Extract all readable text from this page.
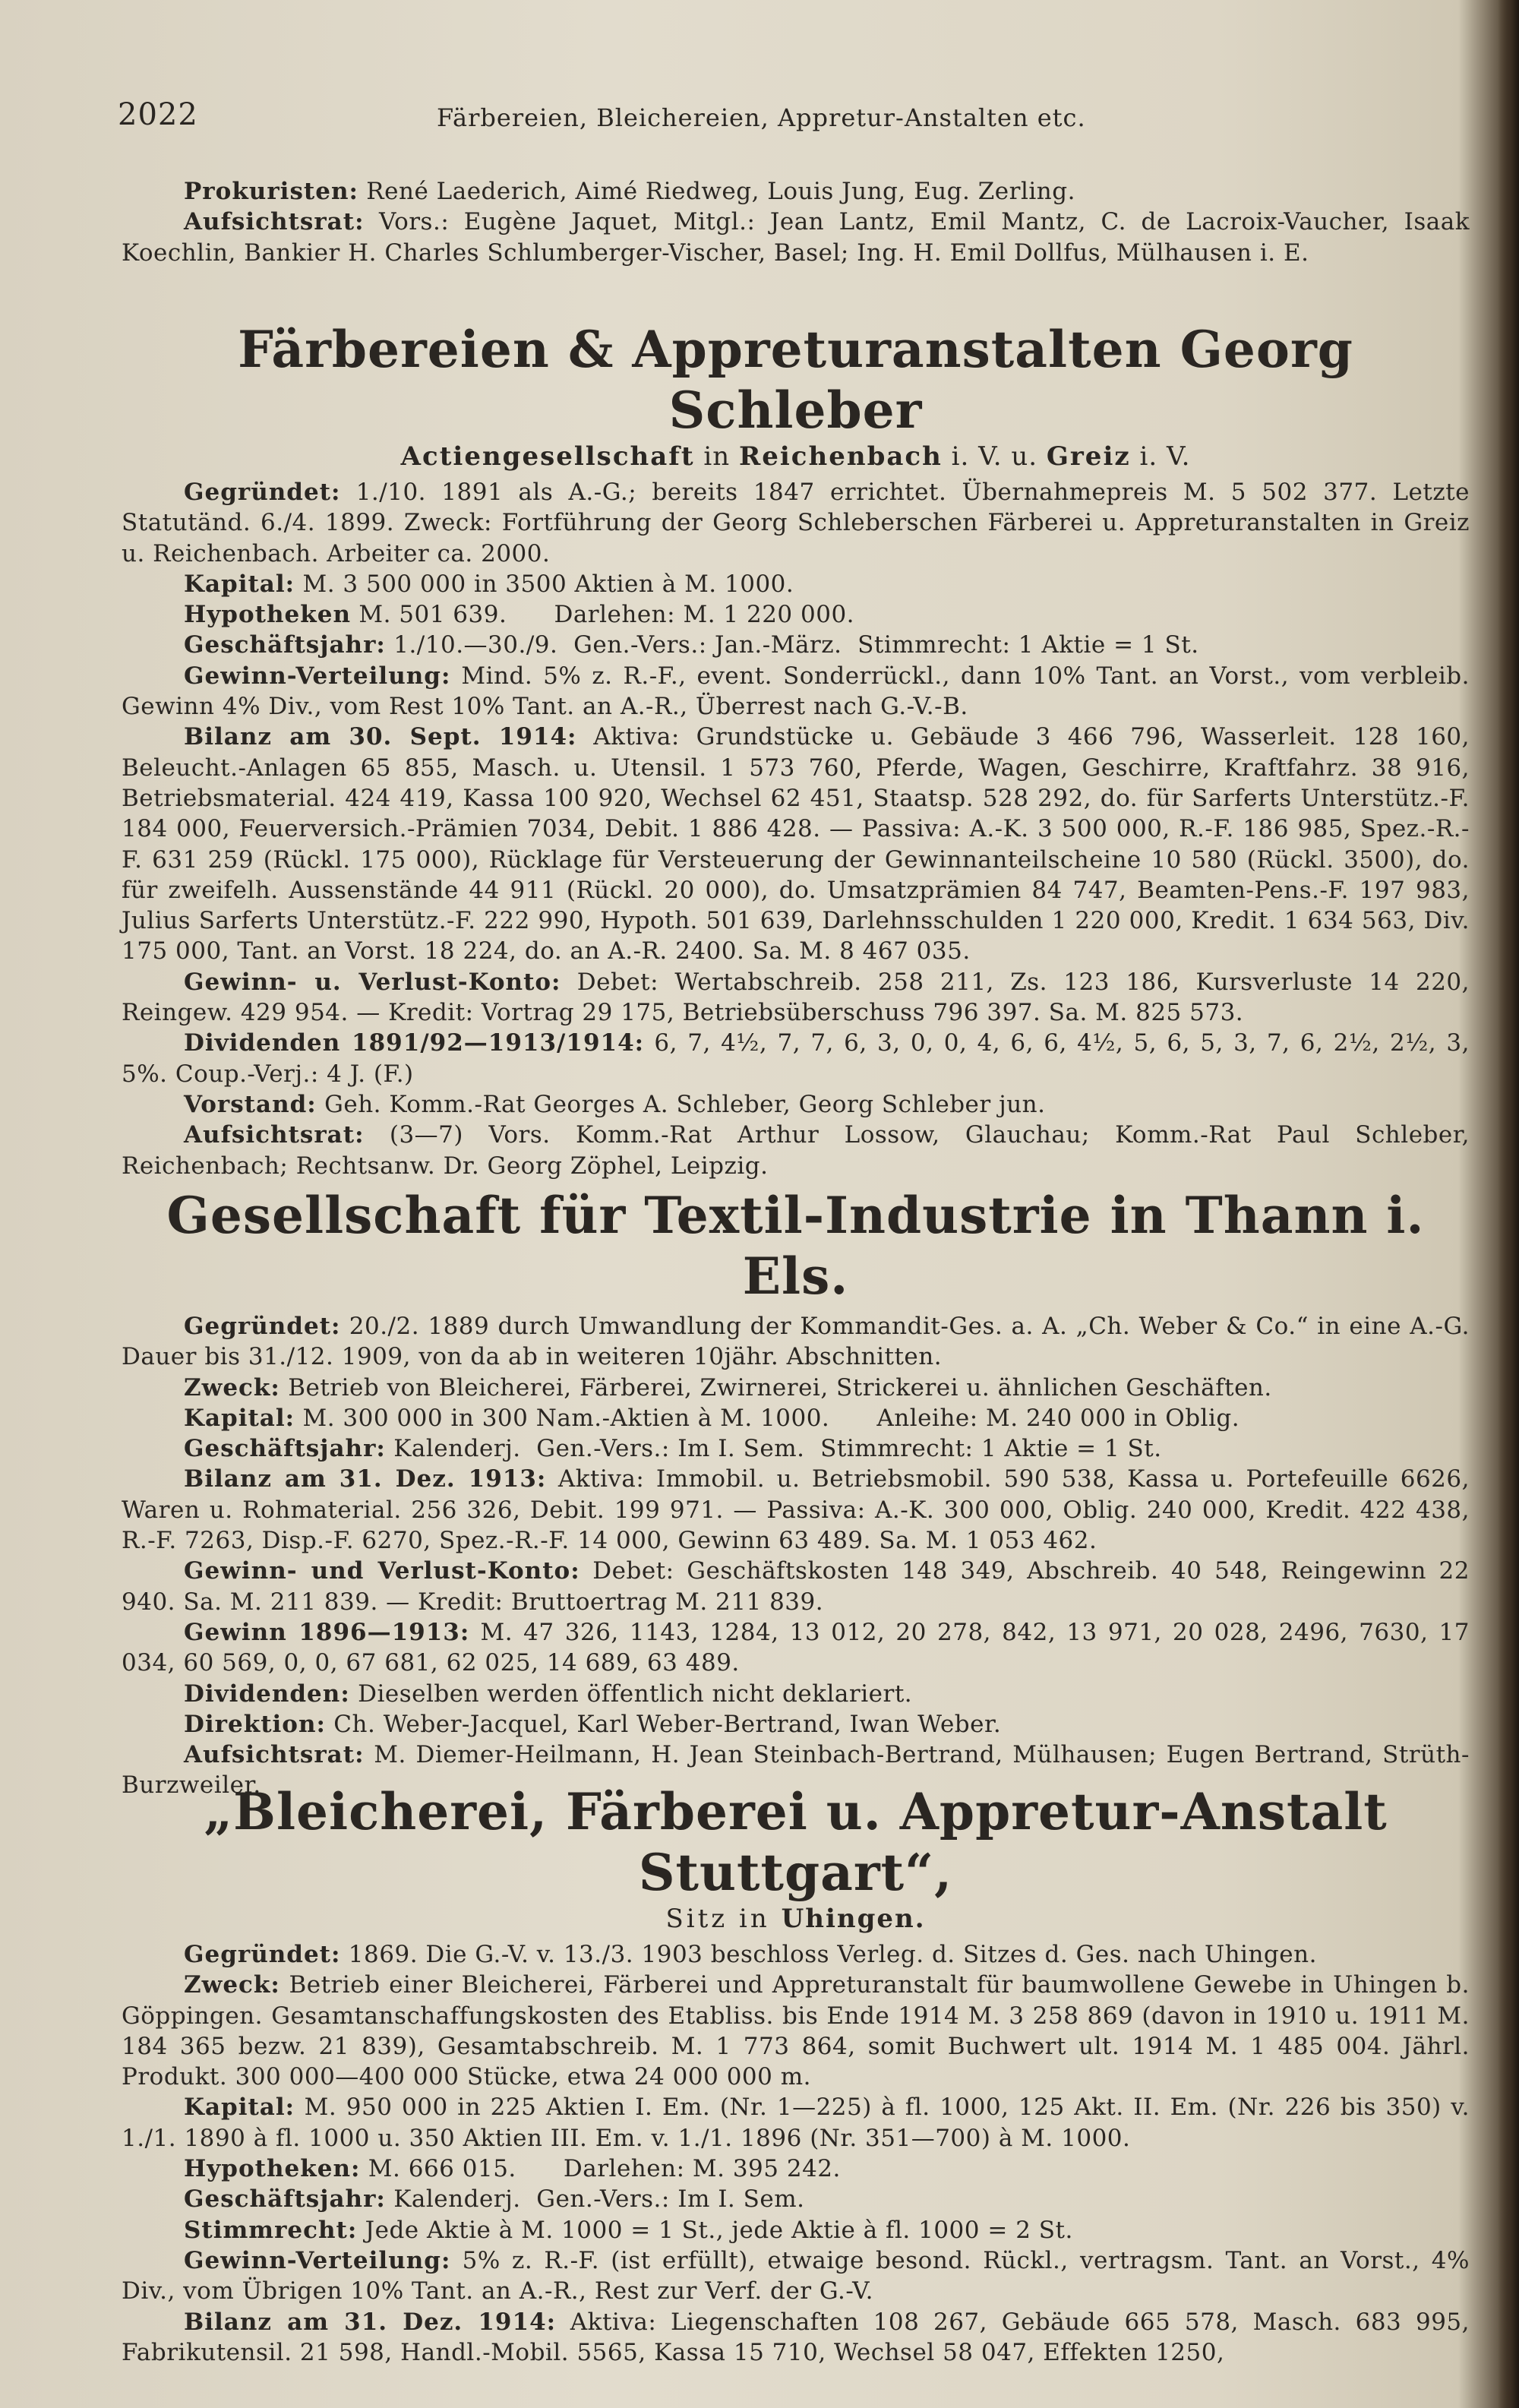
2022	Färbereien, Bleichereien, Appretur-Anstalten etc.

Prokuristen: René Laederich, Aimé Riedweg, Louis Jung, Eug. Zerling.

Aufsichtsrat: Vors.: Eugène Jaquet, Mitgl.: Jean Lantz, Emil Mantz, C. de Lacroix-Vaucher, Isaak Koechlin, Bankier H. Charles Schlumberger-Vischer, Basel; Ing. H. Emil Dollfus, Mülhausen i. E.

Färbereien & Appreturanstalten Georg Schleber

Actiengesellschaft in Reichenbach i. V. u. Greiz i. V.

Gegründet: 1./10. 1891 als A.-G.; bereits 1847 errichtet. Übernahmepreis M. 5 502 377. Letzte Statutänd. 6./4. 1899. Zweck: Fortführung der Georg Schleberschen Färberei u. Appreturanstalten in Greiz u. Reichenbach. Arbeiter ca. 2000.

Kapital: M. 3 500 000 in 3500 Aktien à M. 1000.

Hypotheken M. 501 639.      Darlehen: M. 1 220 000.

Geschäftsjahr: 1./10.—30./9.  Gen.-Vers.: Jan.-März.  Stimmrecht: 1 Aktie = 1 St.

Gewinn-Verteilung: Mind. 5% z. R.-F., event. Sonderrückl., dann 10% Tant. an Vorst., vom verbleib. Gewinn 4% Div., vom Rest 10% Tant. an A.-R., Überrest nach G.-V.-B.

Bilanz am 30. Sept. 1914: Aktiva: Grundstücke u. Gebäude 3 466 796, Wasserleit. 128 160, Beleucht.-Anlagen 65 855, Masch. u. Utensil. 1 573 760, Pferde, Wagen, Geschirre, Kraftfahrz. 38 916, Betriebsmaterial. 424 419, Kassa 100 920, Wechsel 62 451, Staatsp. 528 292, do. für Sarferts Unterstütz.-F. 184 000, Feuerversich.-Prämien 7034, Debit. 1 886 428. — Passiva: A.-K. 3 500 000, R.-F. 186 985, Spez.-R.-F. 631 259 (Rückl. 175 000), Rücklage für Versteuerung der Gewinnanteilscheine 10 580 (Rückl. 3500), do. für zweifelh. Aussenstände 44 911 (Rückl. 20 000), do. Umsatzprämien 84 747, Beamten-Pens.-F. 197 983, Julius Sarferts Unterstütz.-F. 222 990, Hypoth. 501 639, Darlehnsschulden 1 220 000, Kredit. 1 634 563, Div. 175 000, Tant. an Vorst. 18 224, do. an A.-R. 2400. Sa. M. 8 467 035.

Gewinn- u. Verlust-Konto: Debet: Wertabschreib. 258 211, Zs. 123 186, Kursverluste 14 220, Reingew. 429 954. — Kredit: Vortrag 29 175, Betriebsüberschuss 796 397. Sa. M. 825 573.

Dividenden 1891/92—1913/1914: 6, 7, 4½, 7, 7, 6, 3, 0, 0, 4, 6, 6, 4½, 5, 6, 5, 3, 7, 6, 2½, 2½, 3, 5%. Coup.-Verj.: 4 J. (F.)

Vorstand: Geh. Komm.-Rat Georges A. Schleber, Georg Schleber jun.

Aufsichtsrat: (3—7) Vors. Komm.-Rat Arthur Lossow, Glauchau; Komm.-Rat Paul Schleber, Reichenbach; Rechtsanw. Dr. Georg Zöphel, Leipzig.

Gesellschaft für Textil-Industrie in Thann i. Els.

Gegründet: 20./2. 1889 durch Umwandlung der Kommandit-Ges. a. A. „Ch. Weber & Co.“ in eine A.-G. Dauer bis 31./12. 1909, von da ab in weiteren 10jähr. Abschnitten.

Zweck: Betrieb von Bleicherei, Färberei, Zwirnerei, Strickerei u. ähnlichen Geschäften.

Kapital: M. 300 000 in 300 Nam.-Aktien à M. 1000.      Anleihe: M. 240 000 in Oblig.

Geschäftsjahr: Kalenderj.  Gen.-Vers.: Im I. Sem.  Stimmrecht: 1 Aktie = 1 St.

Bilanz am 31. Dez. 1913: Aktiva: Immobil. u. Betriebsmobil. 590 538, Kassa u. Portefeuille 6626, Waren u. Rohmaterial. 256 326, Debit. 199 971. — Passiva: A.-K. 300 000, Oblig. 240 000, Kredit. 422 438, R.-F. 7263, Disp.-F. 6270, Spez.-R.-F. 14 000, Gewinn 63 489. Sa. M. 1 053 462.

Gewinn- und Verlust-Konto: Debet: Geschäftskosten 148 349, Abschreib. 40 548, Reingewinn 22 940. Sa. M. 211 839. — Kredit: Bruttoertrag M. 211 839.

Gewinn 1896—1913: M. 47 326, 1143, 1284, 13 012, 20 278, 842, 13 971, 20 028, 2496, 7630, 17 034, 60 569, 0, 0, 67 681, 62 025, 14 689, 63 489.

Dividenden: Dieselben werden öffentlich nicht deklariert.

Direktion: Ch. Weber-Jacquel, Karl Weber-Bertrand, Iwan Weber.

Aufsichtsrat: M. Diemer-Heilmann, H. Jean Steinbach-Bertrand, Mülhausen; Eugen Bertrand, Strüth-Burzweiler.

„Bleicherei, Färberei u. Appretur-Anstalt Stuttgart“,

Sitz in Uhingen.

Gegründet: 1869. Die G.-V. v. 13./3. 1903 beschloss Verleg. d. Sitzes d. Ges. nach Uhingen.

Zweck: Betrieb einer Bleicherei, Färberei und Appreturanstalt für baumwollene Gewebe in Uhingen b. Göppingen. Gesamtanschaffungskosten des Etabliss. bis Ende 1914 M. 3 258 869 (davon in 1910 u. 1911 M. 184 365 bezw. 21 839), Gesamtabschreib. M. 1 773 864, somit Buchwert ult. 1914 M. 1 485 004. Jährl. Produkt. 300 000—400 000 Stücke, etwa 24 000 000 m.

Kapital: M. 950 000 in 225 Aktien I. Em. (Nr. 1—225) à fl. 1000, 125 Akt. II. Em. (Nr. 226 bis 350) v. 1./1. 1890 à fl. 1000 u. 350 Aktien III. Em. v. 1./1. 1896 (Nr. 351—700) à M. 1000.

Hypotheken: M. 666 015.      Darlehen: M. 395 242.

Geschäftsjahr: Kalenderj.  Gen.-Vers.: Im I. Sem.

Stimmrecht: Jede Aktie à M. 1000 = 1 St., jede Aktie à fl. 1000 = 2 St.

Gewinn-Verteilung: 5% z. R.-F. (ist erfüllt), etwaige besond. Rückl., vertragsm. Tant. an Vorst., 4% Div., vom Übrigen 10% Tant. an A.-R., Rest zur Verf. der G.-V.

Bilanz am 31. Dez. 1914: Aktiva: Liegenschaften 108 267, Gebäude 665 578, Masch. 683 995, Fabrikutensil. 21 598, Handl.-Mobil. 5565, Kassa 15 710, Wechsel 58 047, Effekten 1250,
